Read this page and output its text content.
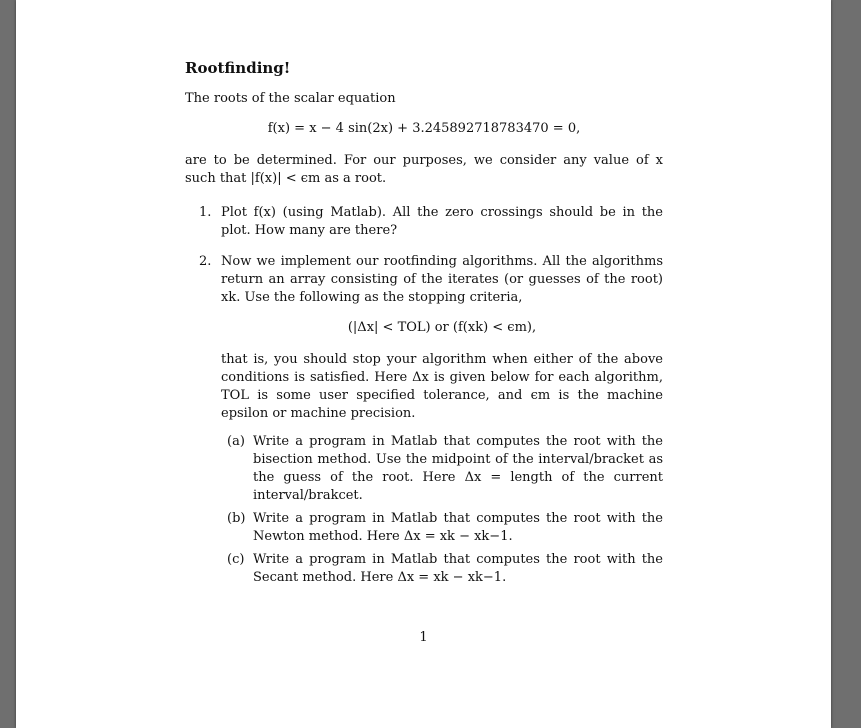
Rootfinding!

The roots of the scalar equation

f(x) = x − 4 sin(2x) + 3.245892718783470 = 0,

are to be determined. For our purposes, we consider any value of x such that |f(x)| < ϵm as a root.

1. Plot f(x) (using Matlab). All the zero crossings should be in the plot. How many are there?
2. Now we implement our rootfinding algorithms. All the algorithms return an array consisting of the iterates (or guesses of the root) xk. Use the following as the stopping criteria,
(|Δx| < TOL) or (f(xk) < ϵm),
that is, you should stop your algorithm when either of the above conditions is satisfied. Here Δx is given below for each algorithm, TOL is some user specified tolerance, and ϵm is the machine epsilon or machine precision.
(a) Write a program in Matlab that computes the root with the bisection method. Use the midpoint of the interval/bracket as the guess of the root. Here Δx = length of the current interval/brakcet.
(b) Write a program in Matlab that computes the root with the Newton method. Here Δx = xk − xk−1.
(c) Write a program in Matlab that computes the root with the Secant method. Here Δx = xk − xk−1.
1
